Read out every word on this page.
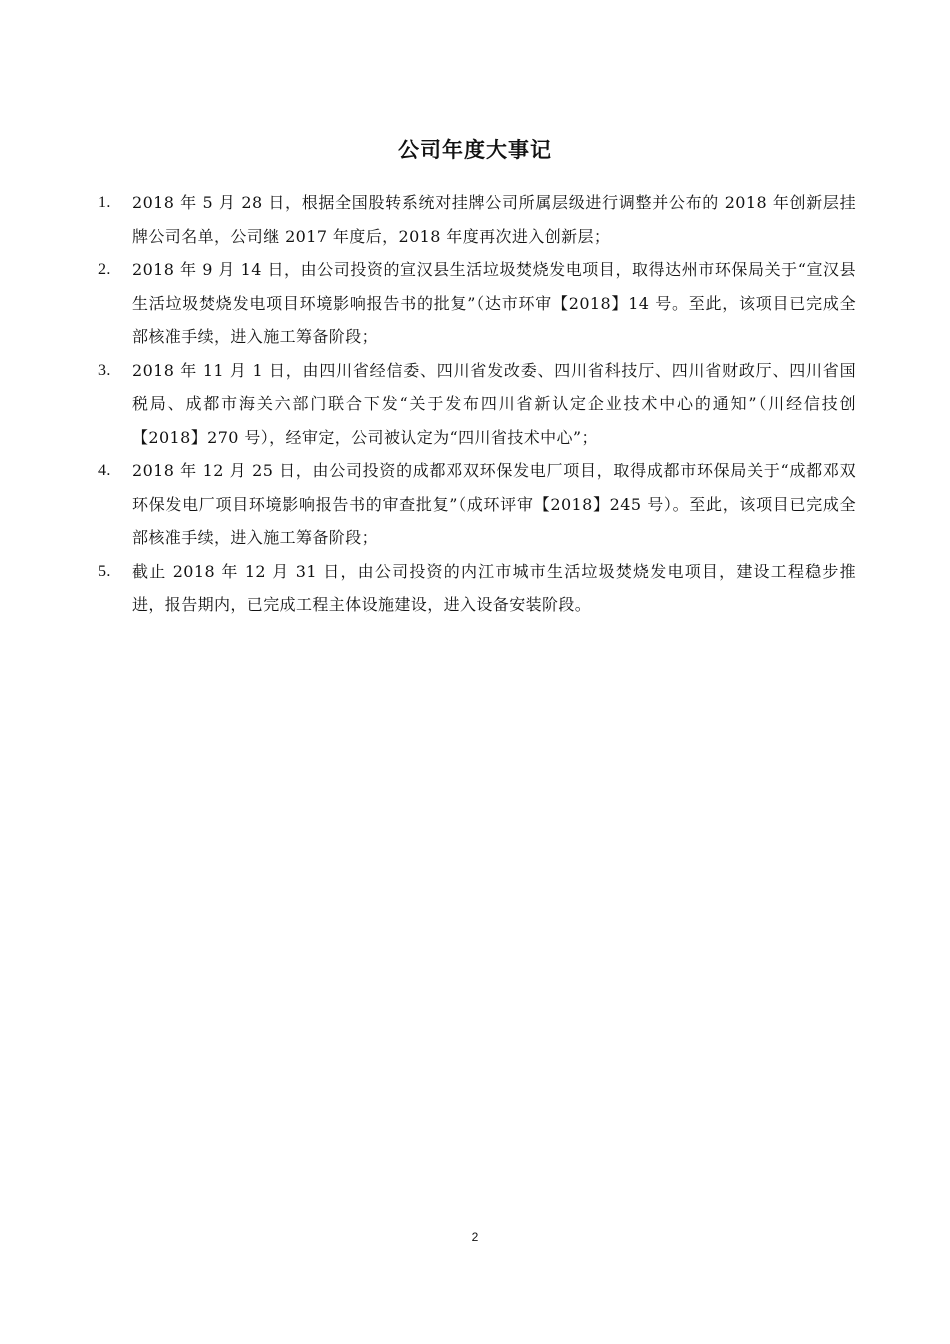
公司年度大事记
1.	2018 年 5 月 28 日，根据全国股转系统对挂牌公司所属层级进行调整并公布的 2018 年创新层挂牌公司名单，公司继 2017 年度后，2018 年度再次进入创新层；
2.	2018 年 9 月 14 日，由公司投资的宣汉县生活垃圾焚烧发电项目，取得达州市环保局关于“宣汉县生活垃圾焚烧发电项目环境影响报告书的批复”（达市环审【2018】14 号。至此，该项目已完成全部核准手续，进入施工筹备阶段；
3.	2018 年 11 月 1 日，由四川省经信委、四川省发改委、四川省科技厅、四川省财政厅、四川省国税局、成都市海关六部门联合下发“关于发布四川省新认定企业技术中心的通知”（川经信技创【2018】270 号），经审定，公司被认定为“四川省技术中心”；
4.	2018 年 12 月 25 日，由公司投资的成都邓双环保发电厂项目，取得成都市环保局关于“成都邓双环保发电厂项目环境影响报告书的审查批复”（成环评审【2018】245 号）。至此，该项目已完成全部核准手续，进入施工筹备阶段；
5.	截止 2018 年 12 月 31 日，由公司投资的内江市城市生活垃圾焚烧发电项目，建设工程稳步推进，报告期内，已完成工程主体设施建设，进入设备安装阶段。
2
